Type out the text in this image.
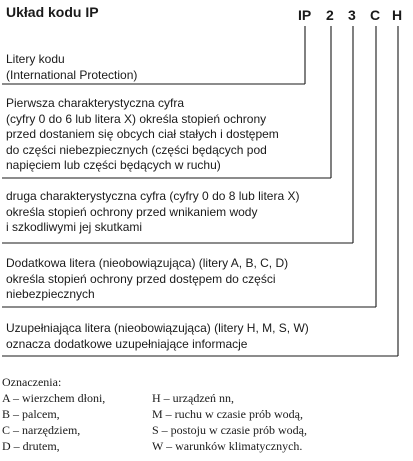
Układ kodu IP	IP 2 3 C H
Litery kodu
(International Protection)
Pierwsza charakterystyczna cyfra
(cyfry 0 do 6 lub litera X) określa stopień ochrony
przed dostaniem się obcych ciał stałych i dostępem
do części niebezpiecznych (części będących pod
napięciem lub części będących w ruchu)
druga charakterystyczna cyfra (cyfry 0 do 8 lub litera X)
określa stopień ochrony przed wnikaniem wody
i szkodliwymi jej skutkami
Dodatkowa litera (nieobowiązująca) (litery A, B, C, D)
określa stopień ochrony przed dostępem do części
niebezpiecznych
Uzupełniająca litera (nieobowiązująca) (litery H, M, S, W)
oznacza dodatkowe uzupełniające informacje
Oznaczenia:
A – wierzchem dłoni,
B – palcem,
C – narzędziem,
D – drutem,
H – urządzeń nn,
M – ruchu w czasie prób wodą,
S – postoju w czasie prób wodą,
W – warunków klimatycznych.
